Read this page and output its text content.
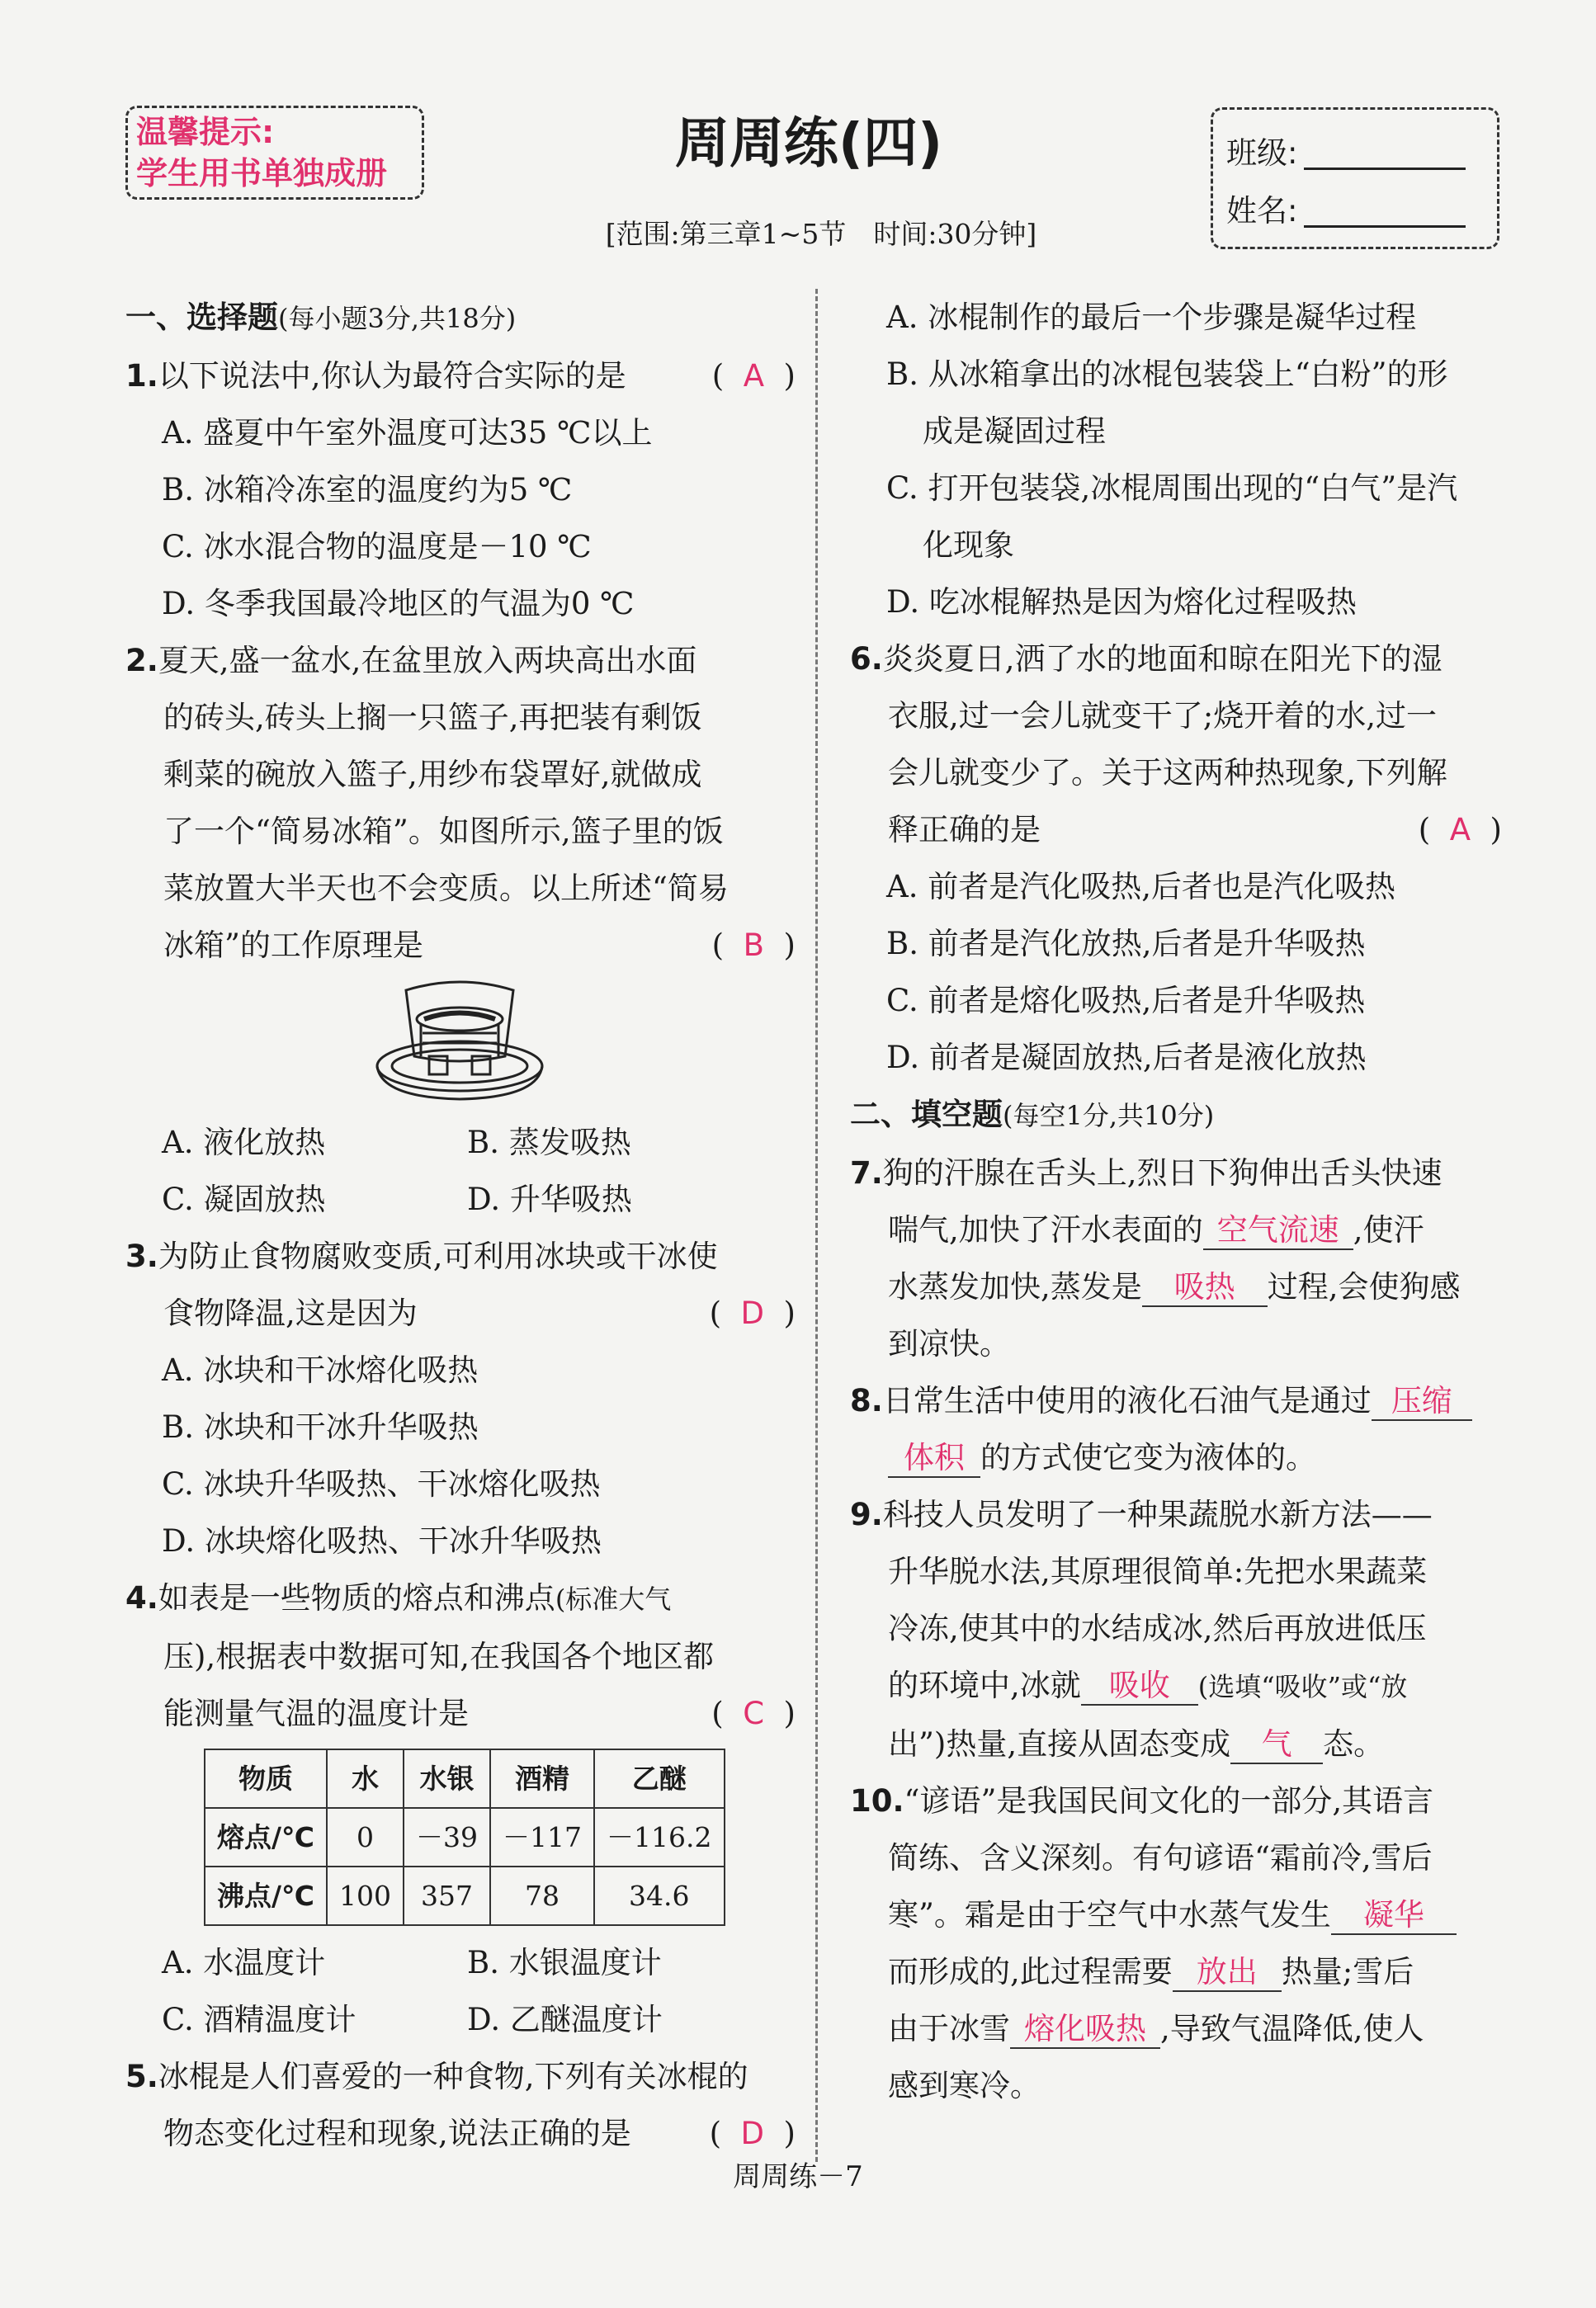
温馨提示:
学生用书单独成册	周周练(四)
[范围:第三章1~5节　时间:30分钟]
班级:
姓名:
一、选择题(每小题3分,共18分)
1.以下说法中,你认为最符合实际的是	(  A  )
A. 盛夏中午室外温度可达35 ℃以上
B. 冰箱冷冻室的温度约为5 ℃
C. 冰水混合物的温度是－10 ℃
D. 冬季我国最冷地区的气温为0 ℃
2.夏天,盛一盆水,在盆里放入两块高出水面
的砖头,砖头上搁一只篮子,再把装有剩饭
剩菜的碗放入篮子,用纱布袋罩好,就做成
了一个“简易冰箱”。如图所示,篮子里的饭
菜放置大半天也不会变质。以上所述“简易
冰箱”的工作原理是	(  B  )
A. 液化放热	B. 蒸发吸热
C. 凝固放热	D. 升华吸热
3.为防止食物腐败变质,可利用冰块或干冰使
食物降温,这是因为	(  D  )
A. 冰块和干冰熔化吸热
B. 冰块和干冰升华吸热
C. 冰块升华吸热、干冰熔化吸热
D. 冰块熔化吸热、干冰升华吸热
4.如表是一些物质的熔点和沸点(标准大气
压),根据表中数据可知,在我国各个地区都
能测量气温的温度计是	(  C  )
物质	水	水银	酒精	乙醚
熔点/℃	0	－39	－117	－116.2
沸点/℃	100	357	78	34.6
A. 水温度计	B. 水银温度计
C. 酒精温度计	D. 乙醚温度计
5.冰棍是人们喜爱的一种食物,下列有关冰棍的
物态变化过程和现象,说法正确的是	(  D  )
A. 冰棍制作的最后一个步骤是凝华过程
B. 从冰箱拿出的冰棍包装袋上“白粉”的形
成是凝固过程
C. 打开包装袋,冰棍周围出现的“白气”是汽
化现象
D. 吃冰棍解热是因为熔化过程吸热
6.炎炎夏日,洒了水的地面和晾在阳光下的湿
衣服,过一会儿就变干了;烧开着的水,过一
会儿就变少了。关于这两种热现象,下列解
释正确的是	(  A  )
A. 前者是汽化吸热,后者也是汽化吸热
B. 前者是汽化放热,后者是升华吸热
C. 前者是熔化吸热,后者是升华吸热
D. 前者是凝固放热,后者是液化放热
二、填空题(每空1分,共10分)
7.狗的汗腺在舌头上,烈日下狗伸出舌头快速
喘气,加快了汗水表面的 空气流速 ,使汗
水蒸发加快,蒸发是 吸热 过程,会使狗感
到凉快。
8.日常生活中使用的液化石油气是通过 压缩
体积 的方式使它变为液体的。
9.科技人员发明了一种果蔬脱水新方法——
升华脱水法,其原理很简单:先把水果蔬菜
冷冻,使其中的水结成冰,然后再放进低压
的环境中,冰就 吸收 (选填“吸收”或“放
出”)热量,直接从固态变成 气 态。
10.“谚语”是我国民间文化的一部分,其语言
简练、含义深刻。有句谚语“霜前冷,雪后
寒”。霜是由于空气中水蒸气发生 凝华
而形成的,此过程需要 放出 热量;雪后
由于冰雪 熔化吸热 ,导致气温降低,使人
感到寒冷。
周周练－7
